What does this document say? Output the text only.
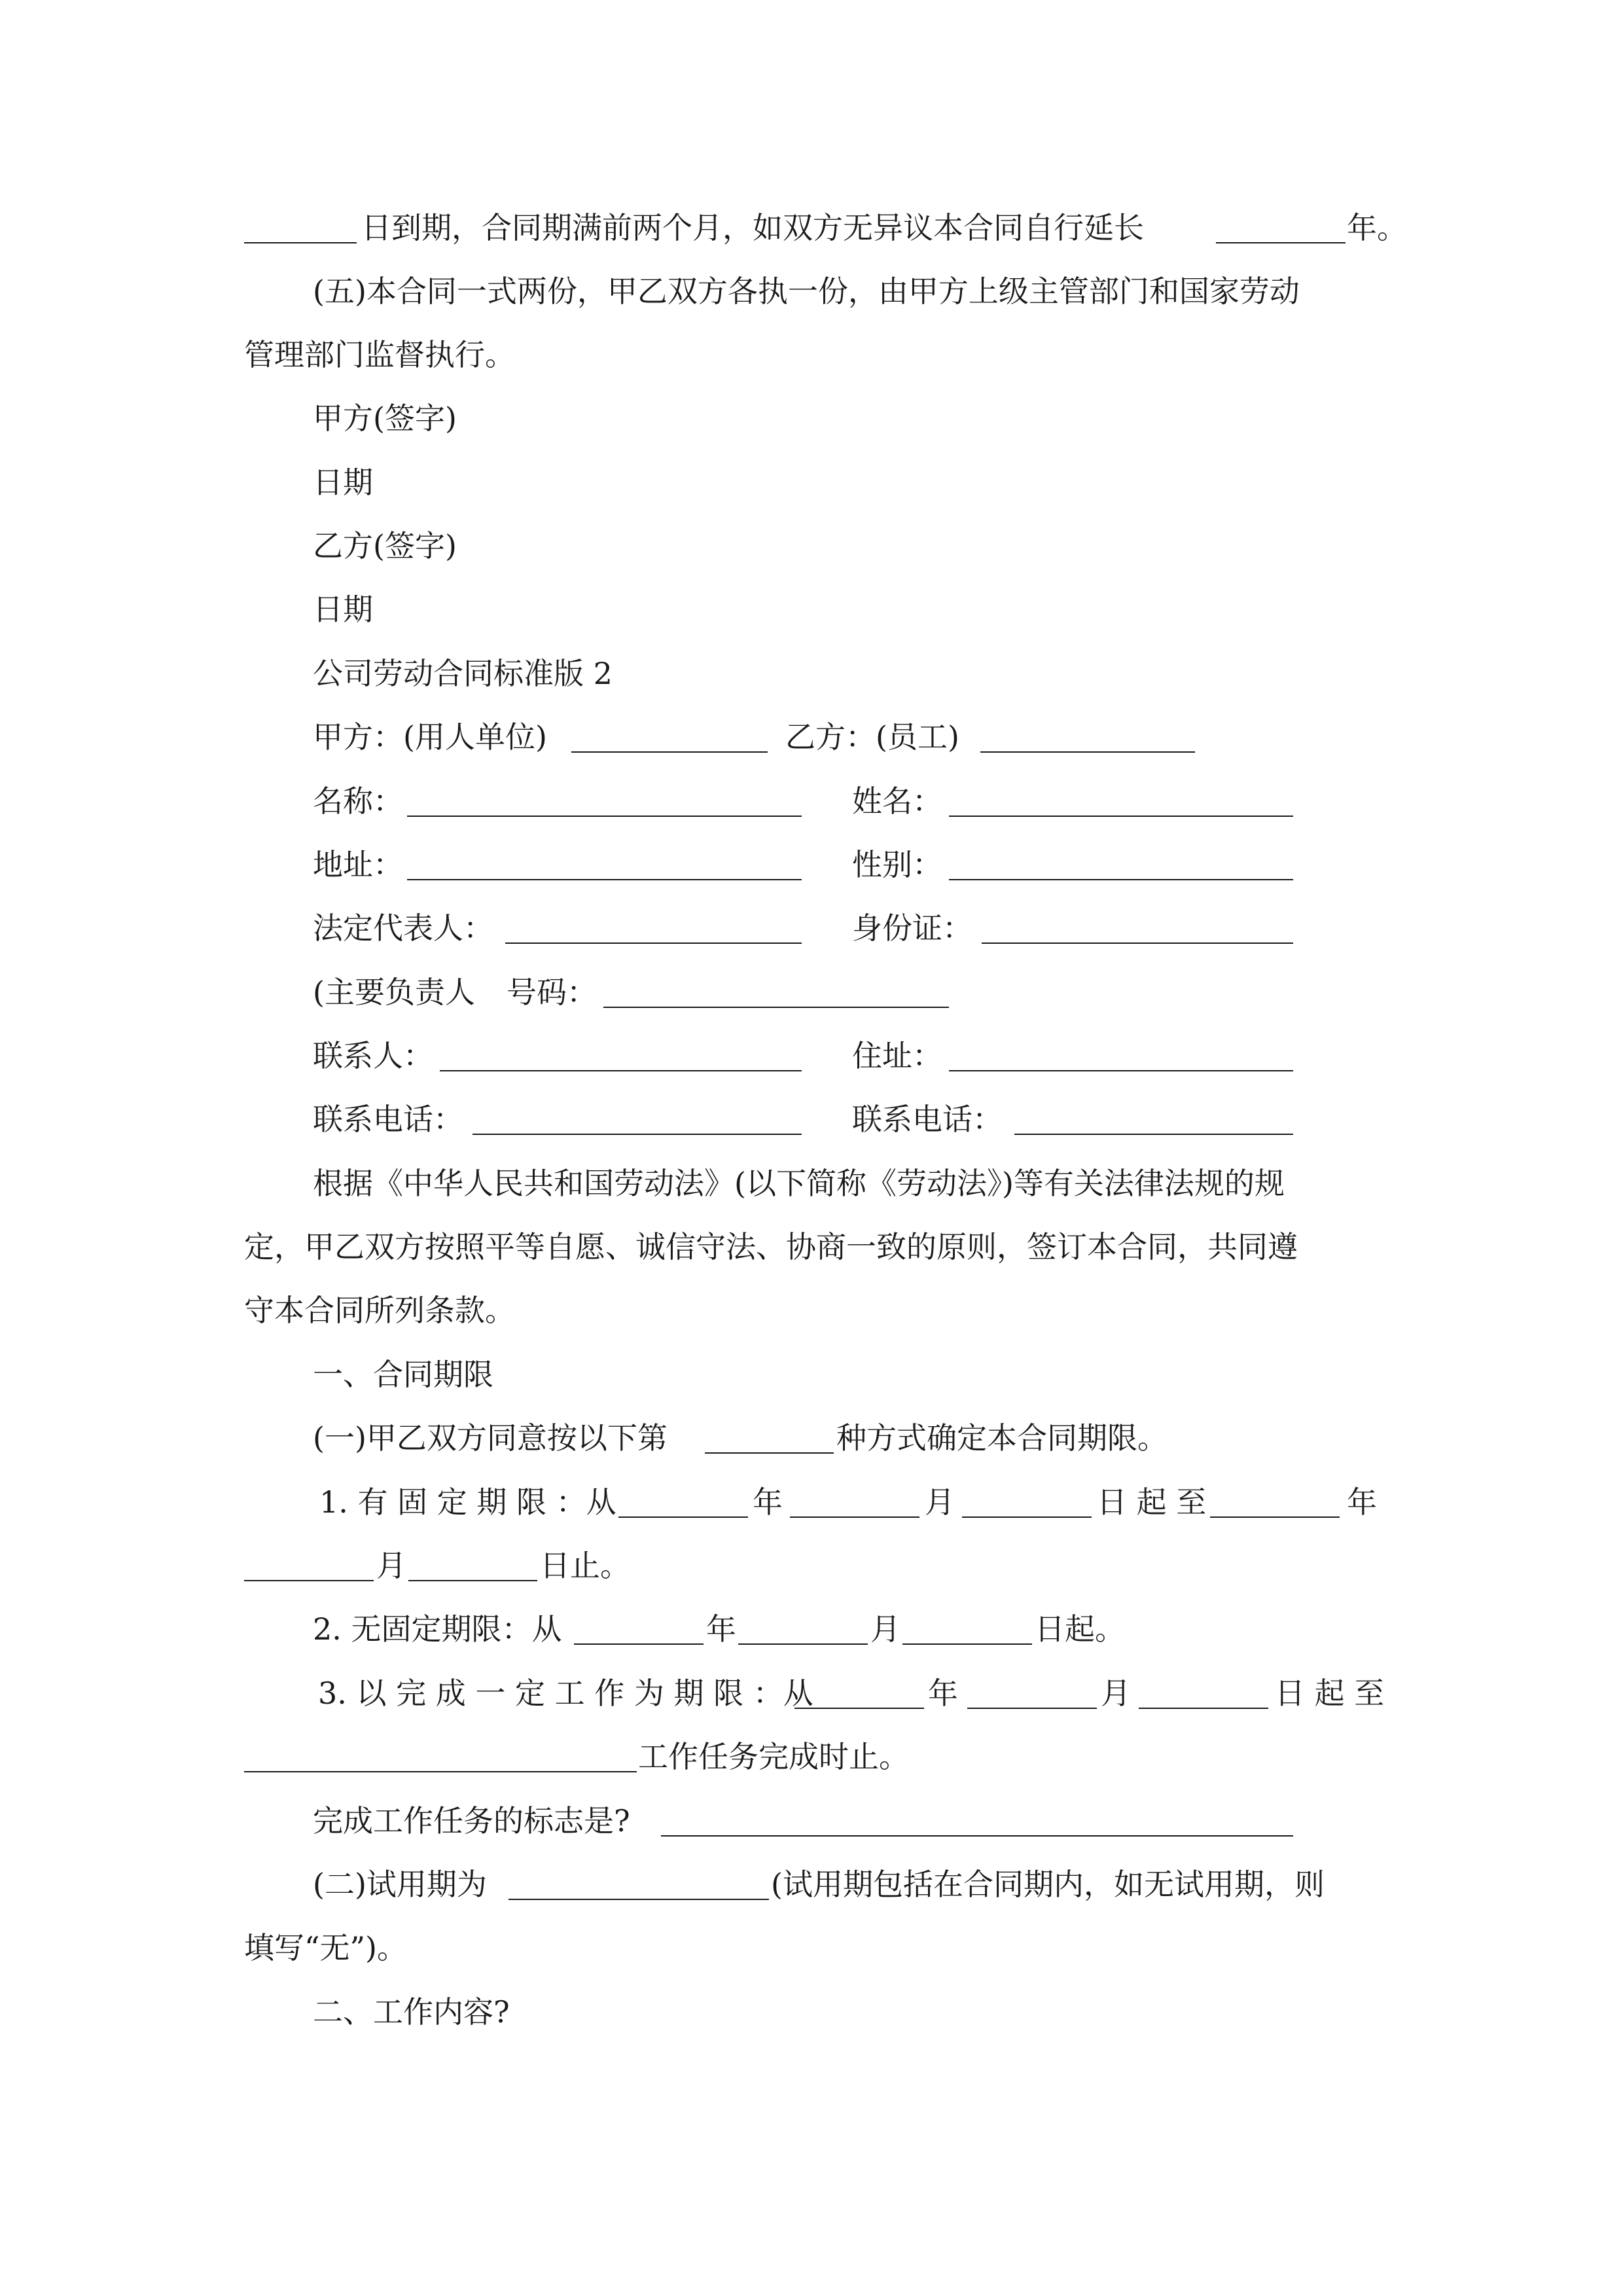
日到期，合同期满前两个月，如双方无异议本合同自行延长	年。
(五)本合同一式两份，甲乙双方各执一份，由甲方上级主管部门和国家劳动
管理部门监督执行。
甲方(签字)
日期
乙方(签字)
日期
公司劳动合同标准版 2
甲方：(用人单位)	乙方：(员工)
名称：	姓名：
地址：	性别：
法定代表人：	身份证：
(主要负责人 号码：
联系人：	住址：
联系电话：	联系电话：
根据《中华人民共和国劳动法》(以下简称《劳动法》)等有关法律法规的规
定，甲乙双方按照平等自愿、诚信守法、协商一致的原则，签订本合同，共同遵
守本合同所列条款。
一、合同期限
(一)甲乙双方同意按以下第	种方式确定本合同期限。
1. 有 固 定 期 限 ：从	年	月	日 起 至	年
月	日止。
2. 无固定期限：从	年	月	日起。
3. 以 完 成 一 定 工 作 为 期 限 ：从	年	月	日 起 至
工作任务完成时止。
完成工作任务的标志是?
(二)试用期为	(试用期包括在合同期内，如无试用期，则
填写“无”)。
二、工作内容?
